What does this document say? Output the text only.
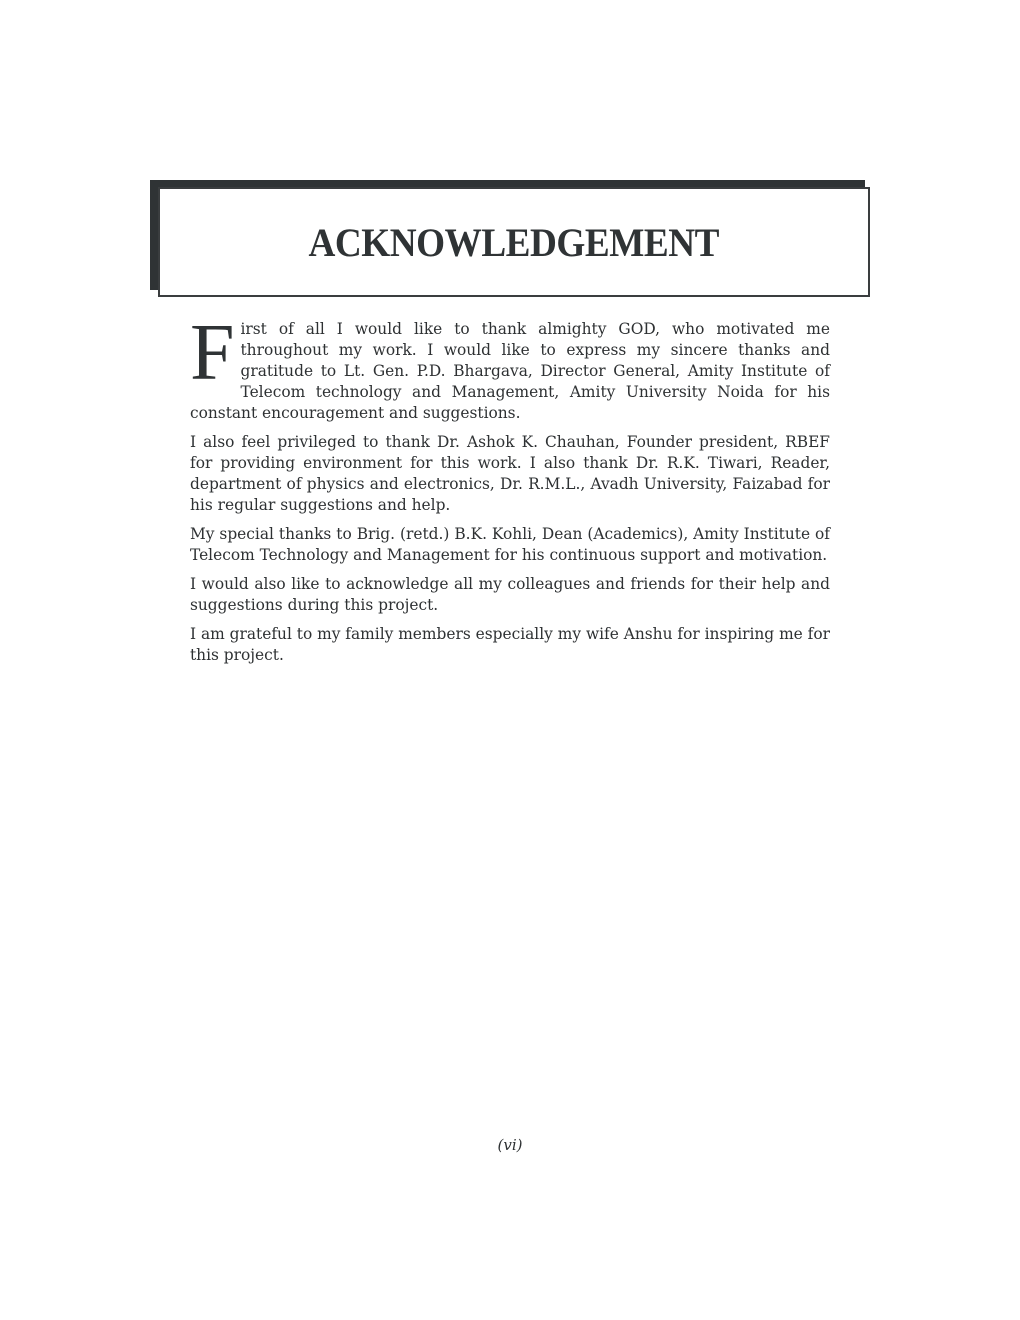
ACKNOWLEDGEMENT

First of all I would like to thank almighty GOD, who motivated me throughout my work. I would like to express my sincere thanks and gratitude to Lt. Gen. P.D. Bhargava, Director General, Amity Institute of Telecom technology and Management, Amity University Noida for his constant encouragement and suggestions.

I also feel privileged to thank Dr. Ashok K. Chauhan, Founder president, RBEF for providing environment for this work. I also thank Dr. R.K. Tiwari, Reader, department of physics and electronics, Dr. R.M.L., Avadh University, Faizabad for his regular suggestions and help.

My special thanks to Brig. (retd.) B.K. Kohli, Dean (Academics), Amity Institute of Telecom Technology and Management for his continuous support and motivation.

I would also like to acknowledge all my colleagues and friends for their help and suggestions during this project.

I am grateful to my family members especially my wife Anshu for inspiring me for this project.

(vi)
